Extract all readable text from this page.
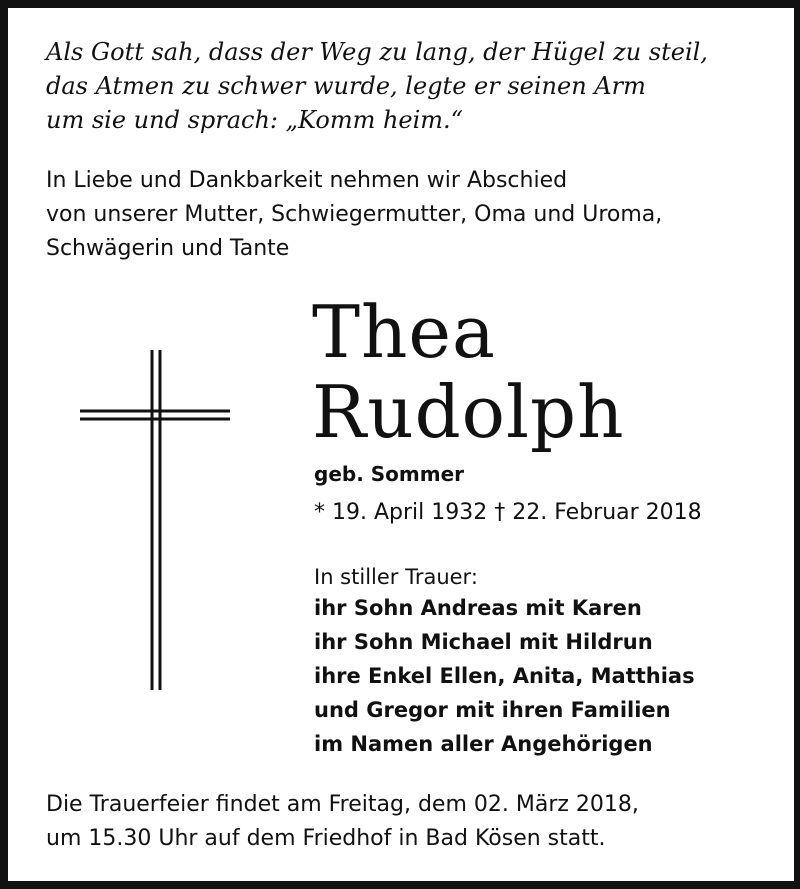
Als Gott sah, dass der Weg zu lang, der Hügel zu steil,
das Atmen zu schwer wurde, legte er seinen Arm
um sie und sprach: „Komm heim.“
In Liebe und Dankbarkeit nehmen wir Abschied
von unserer Mutter, Schwiegermutter, Oma und Uroma,
Schwägerin und Tante
Thea
Rudolph
geb. Sommer
* 19. April 1932 † 22. Februar 2018
In stiller Trauer:
ihr Sohn Andreas mit Karen
ihr Sohn Michael mit Hildrun
ihre Enkel Ellen, Anita, Matthias
und Gregor mit ihren Familien
im Namen aller Angehörigen
Die Trauerfeier findet am Freitag, dem 02. März 2018,
um 15.30 Uhr auf dem Friedhof in Bad Kösen statt.
